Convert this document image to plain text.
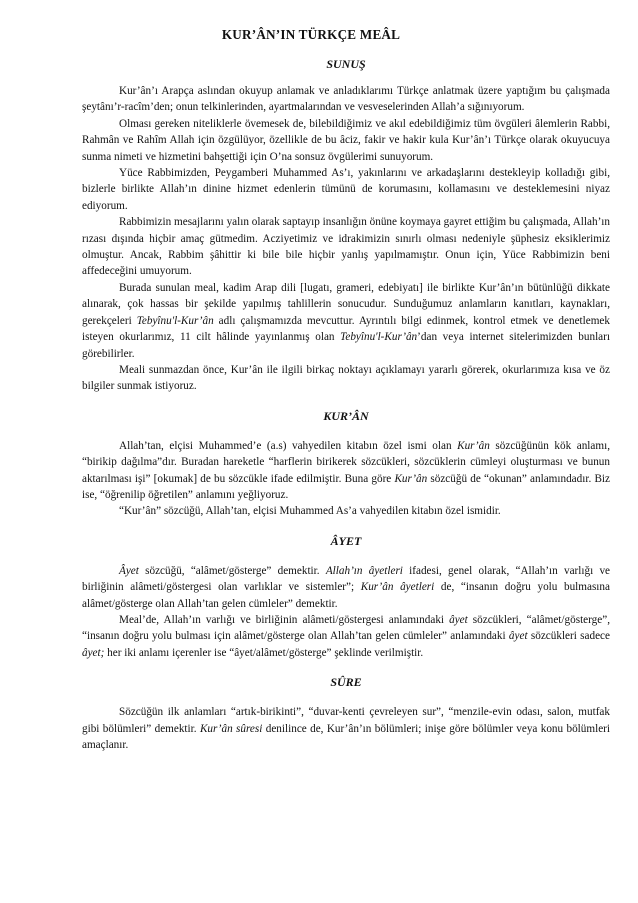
KUR’ÂN’IN TÜRKÇE MEÂL
SUNUŞ

Kur’ân’ı Arapça aslından okuyup anlamak ve anladıklarımı Türkçe anlatmak üzere yaptığım bu çalışmada şeytânı’r-racîm’den; onun telkinlerinden, ayartmalarından ve vesveselerinden Allah’a sığınıyorum.

Olması gereken niteliklerle övemesek de, bilebildiğimiz ve akıl edebildiğimiz tüm övgüleri âlemlerin Rabbi, Rahmân ve Rahîm Allah için özgülüyor, özellikle de bu âciz, fakir ve hakir kula Kur’ân’ı Türkçe olarak okuyucuya sunma nimeti ve hizmetini bahşettiği için O’na sonsuz övgülerimi sunuyorum.

Yüce Rabbimizden, Peygamberi Muhammed As’ı, yakınlarını ve arkadaşlarını destekleyip kolladığı gibi, bizlerle birlikte Allah’ın dinine hizmet edenlerin tümünü de korumasını, kollamasını ve desteklemesini niyaz ediyorum.

Rabbimizin mesajlarını yalın olarak saptayıp insanlığın önüne koymaya gayret ettiğim bu çalışmada, Allah’ın rızası dışında hiçbir amaç gütmedim. Acziyetimiz ve idrakimizin sınırlı olması nedeniyle şüphesiz eksiklerimiz olmuştur. Ancak, Rabbim şâhittir ki bile bile hiçbir yanlış yapılmamıştır. Onun için, Yüce Rabbimizin beni affedeceğini umuyorum.

Burada sunulan meal, kadim Arap dili [lugatı, grameri, edebiyatı] ile birlikte Kur’ân’ın bütünlüğü dikkate alınarak, çok hassas bir şekilde yapılmış tahlillerin sonucudur. Sunduğumuz anlamların kanıtları, kaynakları, gerekçeleri Tebyînu'l-Kur’ân adlı çalışmamızda mevcuttur. Ayrıntılı bilgi edinmek, kontrol etmek ve denetlemek isteyen okurlarımız, 11 cilt hâlinde yayınlanmış olan Tebyînu'l-Kur’ân’dan veya internet sitelerimizden bunları görebilirler.

Meali sunmazdan önce, Kur’ân ile ilgili birkaç noktayı açıklamayı yararlı görerek, okurlarımıza kısa ve öz bilgiler sunmak istiyoruz.

KUR’ÂN

Allah’tan, elçisi Muhammed’e (a.s) vahyedilen kitabın özel ismi olan Kur’ân sözcüğünün kök anlamı, “birikip dağılma”dır. Buradan hareketle “harflerin birikerek sözcükleri, sözcüklerin cümleyi oluşturması ve bunun aktarılması işi” [okumak] de bu sözcükle ifade edilmiştir. Buna göre Kur’ân sözcüğü de “okunan” anlamındadır. Biz ise, “öğrenilip öğretilen” anlamını yeğliyoruz.

“Kur’ân” sözcüğü, Allah’tan, elçisi Muhammed As’a vahyedilen kitabın özel ismidir.

ÂYET

Âyet sözcüğü, “alâmet/gösterge” demektir. Allah’ın âyetleri ifadesi, genel olarak, “Allah’ın varlığı ve birliğinin alâmeti/göstergesi olan varlıklar ve sistemler”; Kur’ân âyetleri de, “insanın doğru yolu bulmasına alâmet/gösterge olan Allah’tan gelen cümleler” demektir.

Meal’de, Allah’ın varlığı ve birliğinin alâmeti/göstergesi anlamındaki âyet sözcükleri, “alâmet/gösterge”, “insanın doğru yolu bulması için alâmet/gösterge olan Allah’tan gelen cümleler” anlamındaki âyet sözcükleri sadece âyet; her iki anlamı içerenler ise “âyet/alâmet/gösterge” şeklinde verilmiştir.

SÛRE

Sözcüğün ilk anlamları “artık-birikinti”, “duvar-kenti çevreleyen sur”, “menzile-evin odası, salon, mutfak gibi bölümleri” demektir. Kur’ân sûresi denilince de, Kur’ân’ın bölümleri; inişe göre bölümler veya konu bölümleri amaçlanır.
